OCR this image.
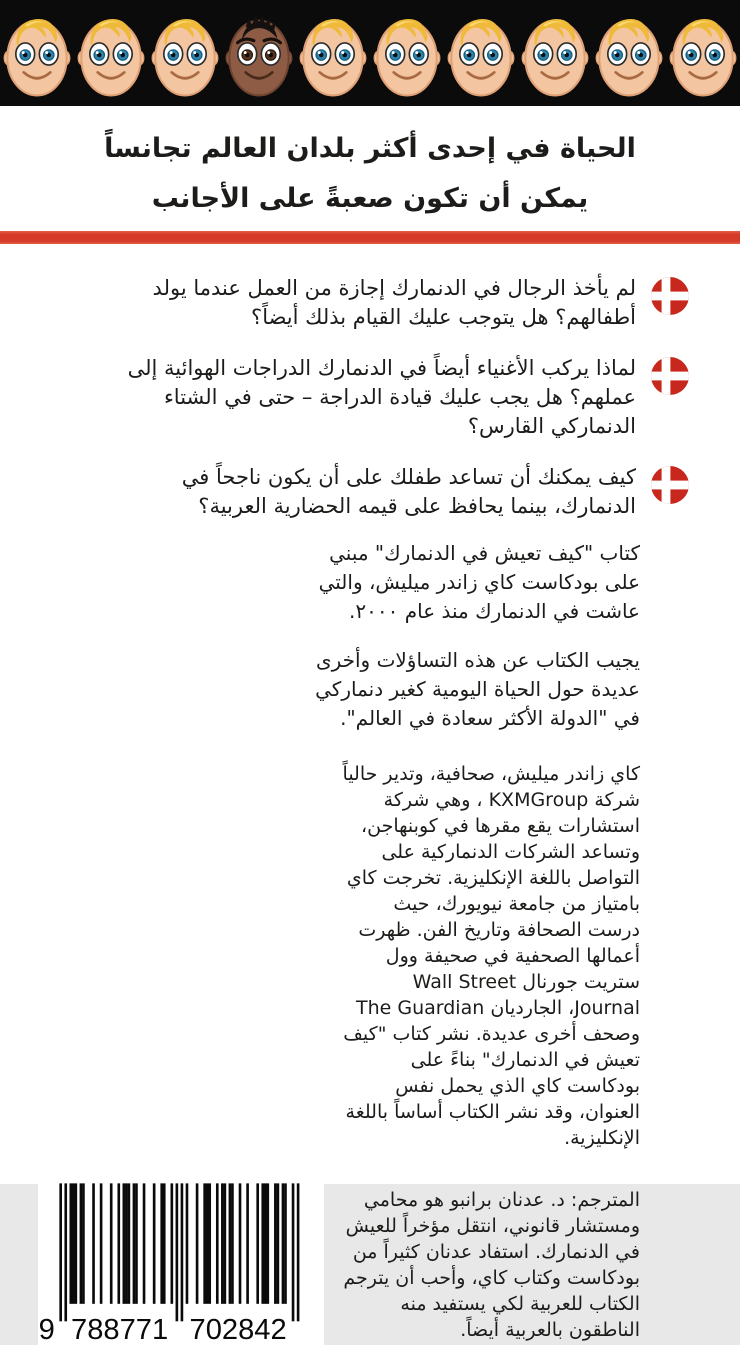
الحياة في إحدى أكثر بلدان العالم تجانساً
يمكن أن تكون صعبةً على الأجانب
لم يأخذ الرجال في الدنمارك إجازة من العمل عندما يولد أطفالهم؟ هل يتوجب عليك القيام بذلك أيضاً؟
لماذا يركب الأغنياء أيضاً في الدنمارك الدراجات الهوائية إلى عملهم؟ هل يجب عليك قيادة الدراجة – حتى في الشتاء الدنماركي القارس؟
كيف يمكنك أن تساعد طفلك على أن يكون ناجحاً في الدنمارك، بينما يحافظ على قيمه الحضارية العربية؟
كتاب "كيف تعيش في الدنمارك" مبني على بودكاست كاي زاندر ميليش، والتي عاشت في الدنمارك منذ عام ٢٠٠٠.
يجيب الكتاب عن هذه التساؤلات وأخرى عديدة حول الحياة اليومية كغير دنماركي في "الدولة الأكثر سعادة في العالم".
كاي زاندر ميليش، صحافية، وتدير حالياً شركة KXMGroup ، وهي شركة استشارات يقع مقرها في كوبنهاجن، وتساعد الشركات الدنماركية على التواصل باللغة الإنكليزية. تخرجت كاي بامتياز من جامعة نيويورك، حيث درست الصحافة وتاريخ الفن. ظهرت أعمالها الصحفية في صحيفة وول ستريت جورنال Wall Street Journal، الجارديان The Guardian وصحف أخرى عديدة. نشر كتاب "كيف تعيش في الدنمارك" بناءً على بودكاست كاي الذي يحمل نفس العنوان، وقد نشر الكتاب أساساً باللغة الإنكليزية.
9 788771 702842
المترجم: د. عدنان برانبو هو محامي ومستشار قانوني، انتقل مؤخراً للعيش في الدنمارك. استفاد عدنان كثيراً من بودكاست وكتاب كاي، وأحب أن يترجم الكتاب للعربية لكي يستفيد منه الناطقون بالعربية أيضاً.
